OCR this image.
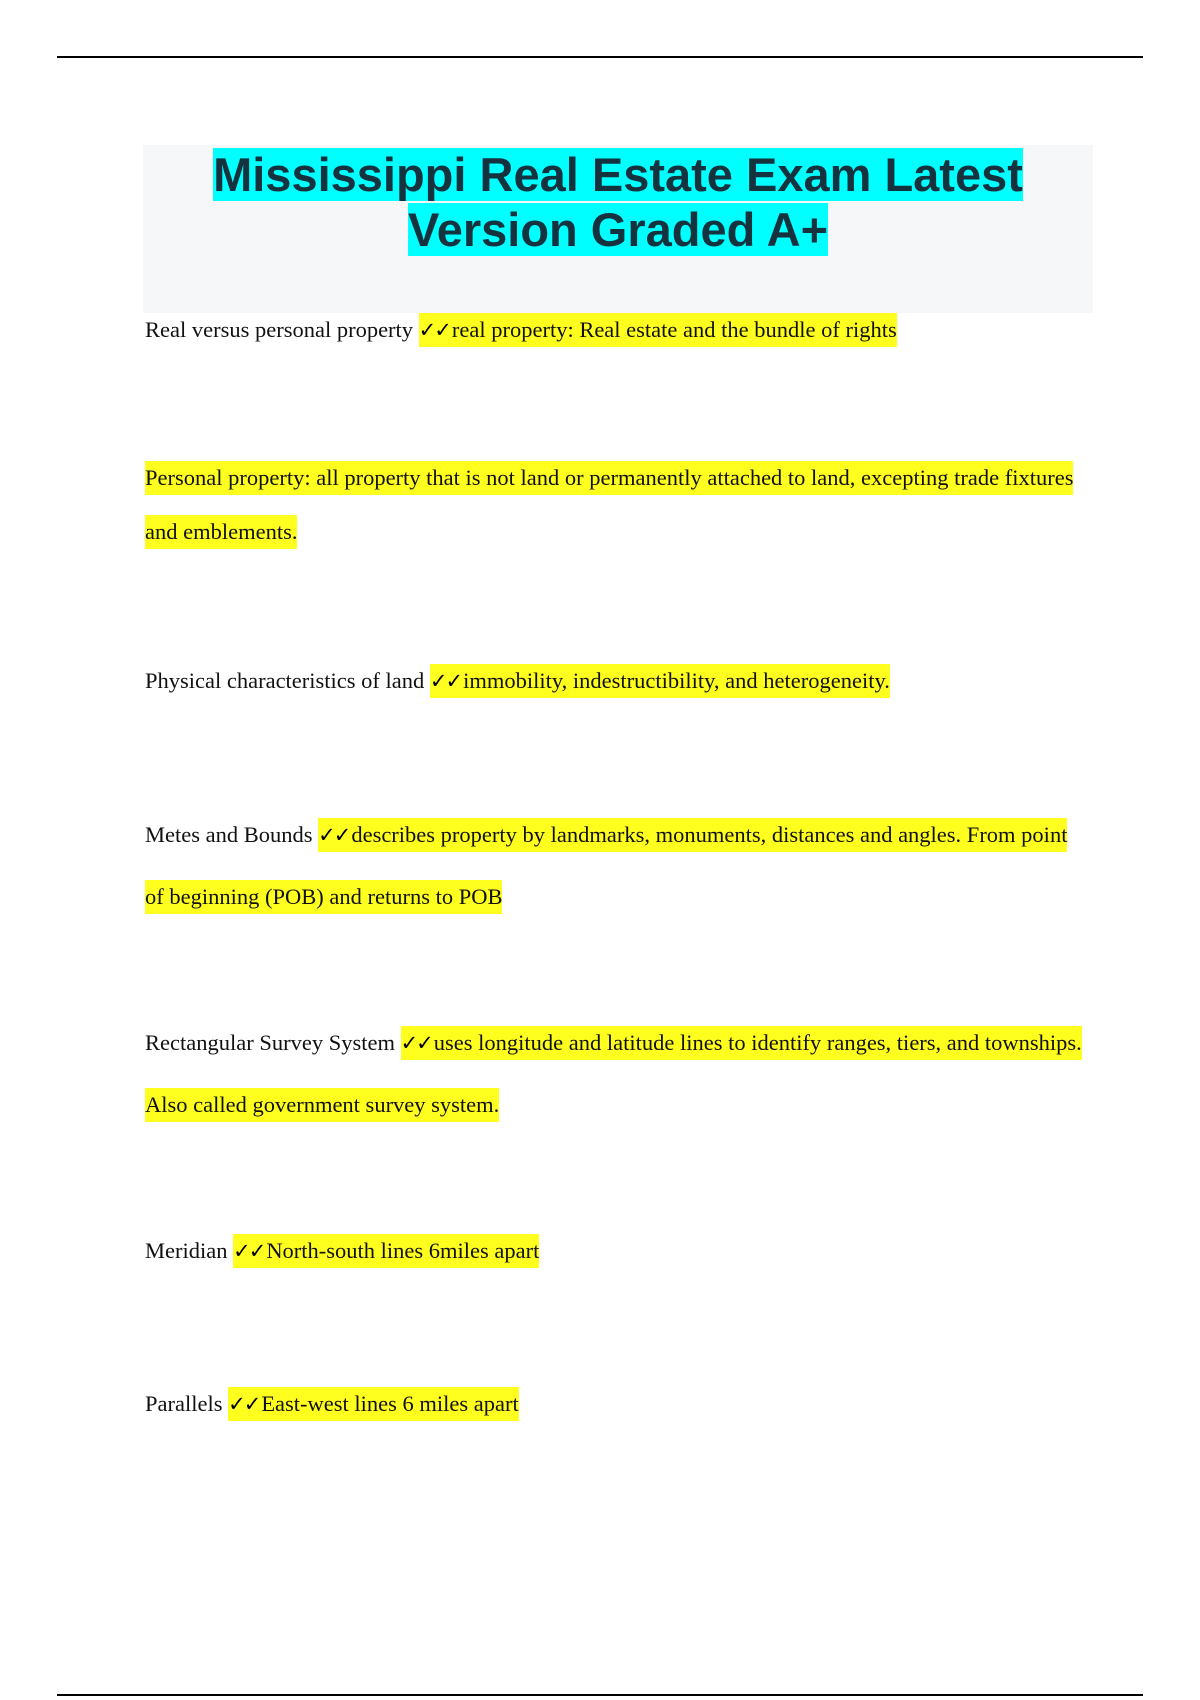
Mississippi Real Estate Exam Latest Version Graded A+

Real versus personal property ✓✓real property: Real estate and the bundle of rights

Personal property: all property that is not land or permanently attached to land, excepting trade fixtures and emblements.

Physical characteristics of land ✓✓immobility, indestructibility, and heterogeneity.

Metes and Bounds ✓✓describes property by landmarks, monuments, distances and angles. From point of beginning (POB) and returns to POB

Rectangular Survey System ✓✓uses longitude and latitude lines to identify ranges, tiers, and townships. Also called government survey system.

Meridian ✓✓North-south lines 6miles apart

Parallels ✓✓East-west lines 6 miles apart
